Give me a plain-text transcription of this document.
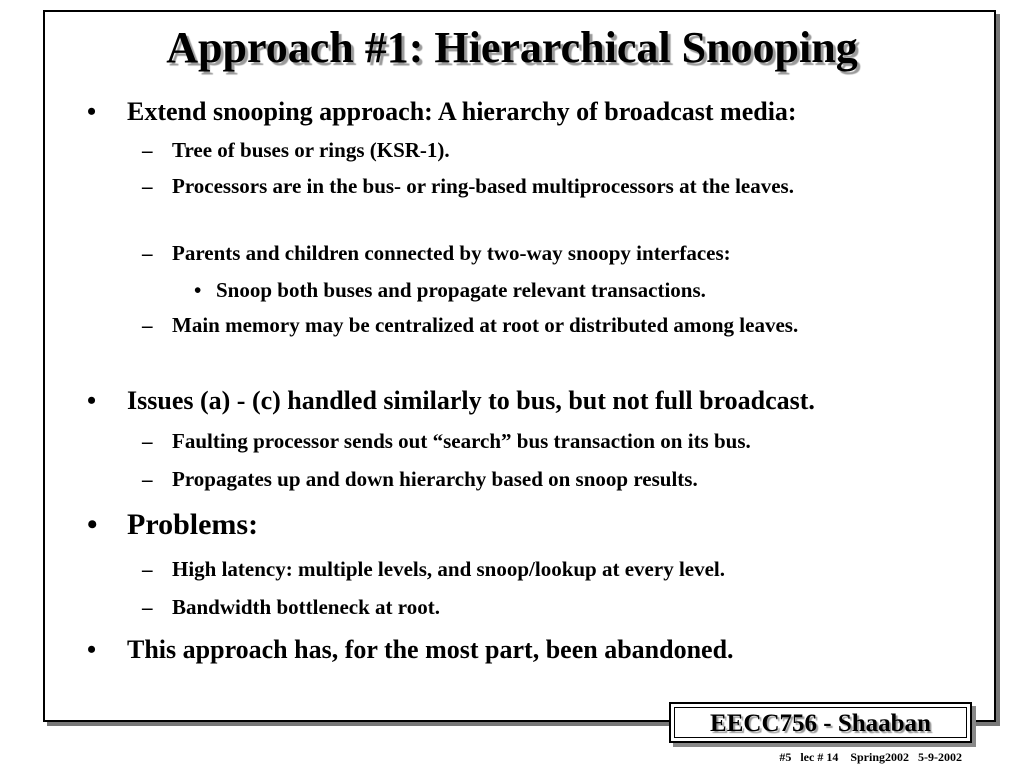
Approach #1: Hierarchical Snooping
• Extend snooping approach: A hierarchy of broadcast media:
– Tree of buses or rings (KSR-1).
– Processors are in the bus- or ring-based multiprocessors at the leaves.
– Parents and children connected by two-way snoopy interfaces:
• Snoop both buses and propagate relevant transactions.
– Main memory may be centralized at root or distributed among leaves.
• Issues (a) - (c) handled similarly to bus, but not full broadcast.
– Faulting processor sends out “search” bus transaction on its bus.
– Propagates up and down hierarchy based on snoop results.
• Problems:
– High latency: multiple levels, and snoop/lookup at every level.
– Bandwidth bottleneck at root.
• This approach has, for the most part, been abandoned.
EECC756 - Shaaban
#5   lec # 14    Spring2002   5-9-2002
